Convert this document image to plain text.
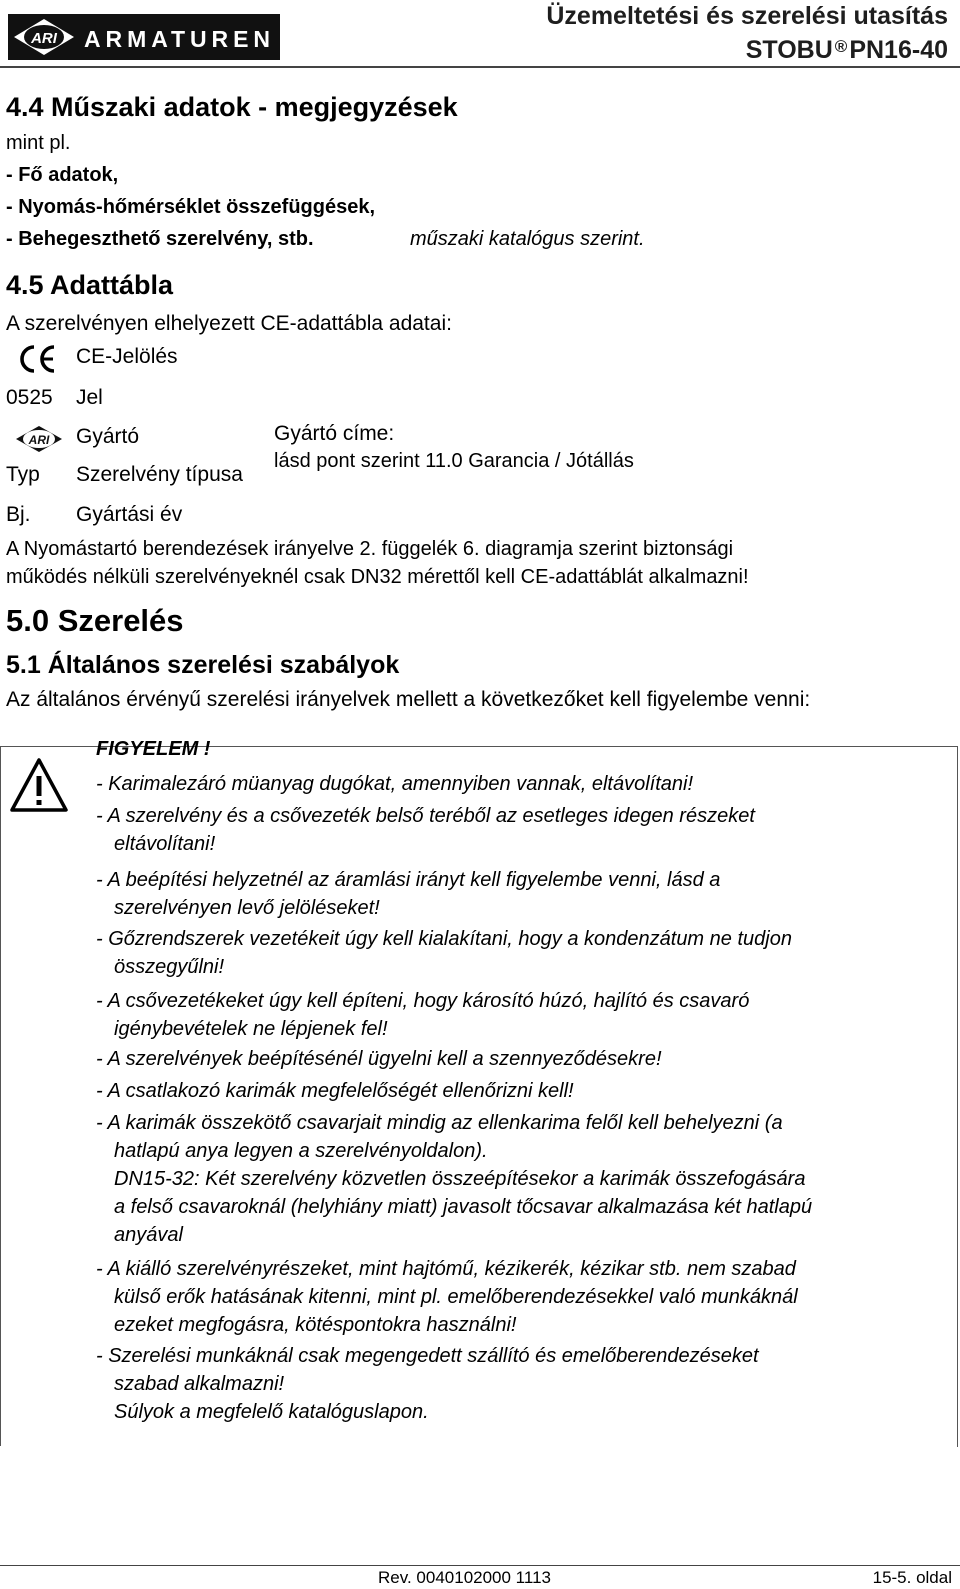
ARI ARMATUREN
Üzemeltetési és szerelési utasítás
STOBU ®PN16-40
4.4 Műszaki adatok - megjegyzések
mint pl.
- Fő adatok,
- Nyomás-hőmérséklet összefüggések,
- Behegeszthető szerelvény, stb.	műszaki katalógus szerint.
4.5 Adattábla
A szerelvényen elhelyezett CE-adattábla adatai:
CE-Jelölés
0525 Jel
ARI Gyártó
Typ Szerelvény típusa
Bj. Gyártási év
Gyártó címe:
lásd pont szerint 11.0 Garancia / Jótállás
A Nyomástartó berendezések irányelve 2. függelék 6. diagramja szerint biztonsági
működés nélküli szerelvényeknél csak DN32 mérettől kell CE-adattáblát alkalmazni!
5.0 Szerelés
5.1 Általános szerelési szabályok
Az általános érvényű szerelési irányelvek mellett a következőket kell figyelembe venni:
FIGYELEM !
- Karimalezáró müanyag dugókat, amennyiben vannak, eltávolítani!
- A szerelvény és a csővezeték belső teréből az esetleges idegen részeket
eltávolítani!
- A beépítési helyzetnél az áramlási irányt kell figyelembe venni, lásd a
szerelvényen levő jelöléseket!
- Gőzrendszerek vezetékeit úgy kell kialakítani, hogy a kondenzátum ne tudjon
összegyűlni!
- A csővezetékeket úgy kell építeni, hogy károsító húzó, hajlító és csavaró
igénybevételek ne lépjenek fel!
- A szerelvények beépítésénél ügyelni kell a szennyeződésekre!
- A csatlakozó karimák megfelelőségét ellenőrizni kell!
- A karimák összekötő csavarjait mindig az ellenkarima felől kell behelyezni (a
hatlapú anya legyen a szerelvényoldalon).
DN15-32: Két szerelvény közvetlen összeépítésekor a karimák összefogására
a felső csavaroknál (helyhiány miatt) javasolt tőcsavar alkalmazása két hatlapú
anyával
- A kiálló szerelvényrészeket, mint hajtómű, kézikerék, kézikar stb. nem szabad
külső erők hatásának kitenni, mint pl. emelőberendezésekkel való munkáknál
ezeket megfogásra, kötéspontokra használni!
- Szerelési munkáknál csak megengedett szállító és emelőberendezéseket
szabad alkalmazni!
Súlyok a megfelelő katalóguslapon.
Rev. 0040102000 1113	15-5. oldal
